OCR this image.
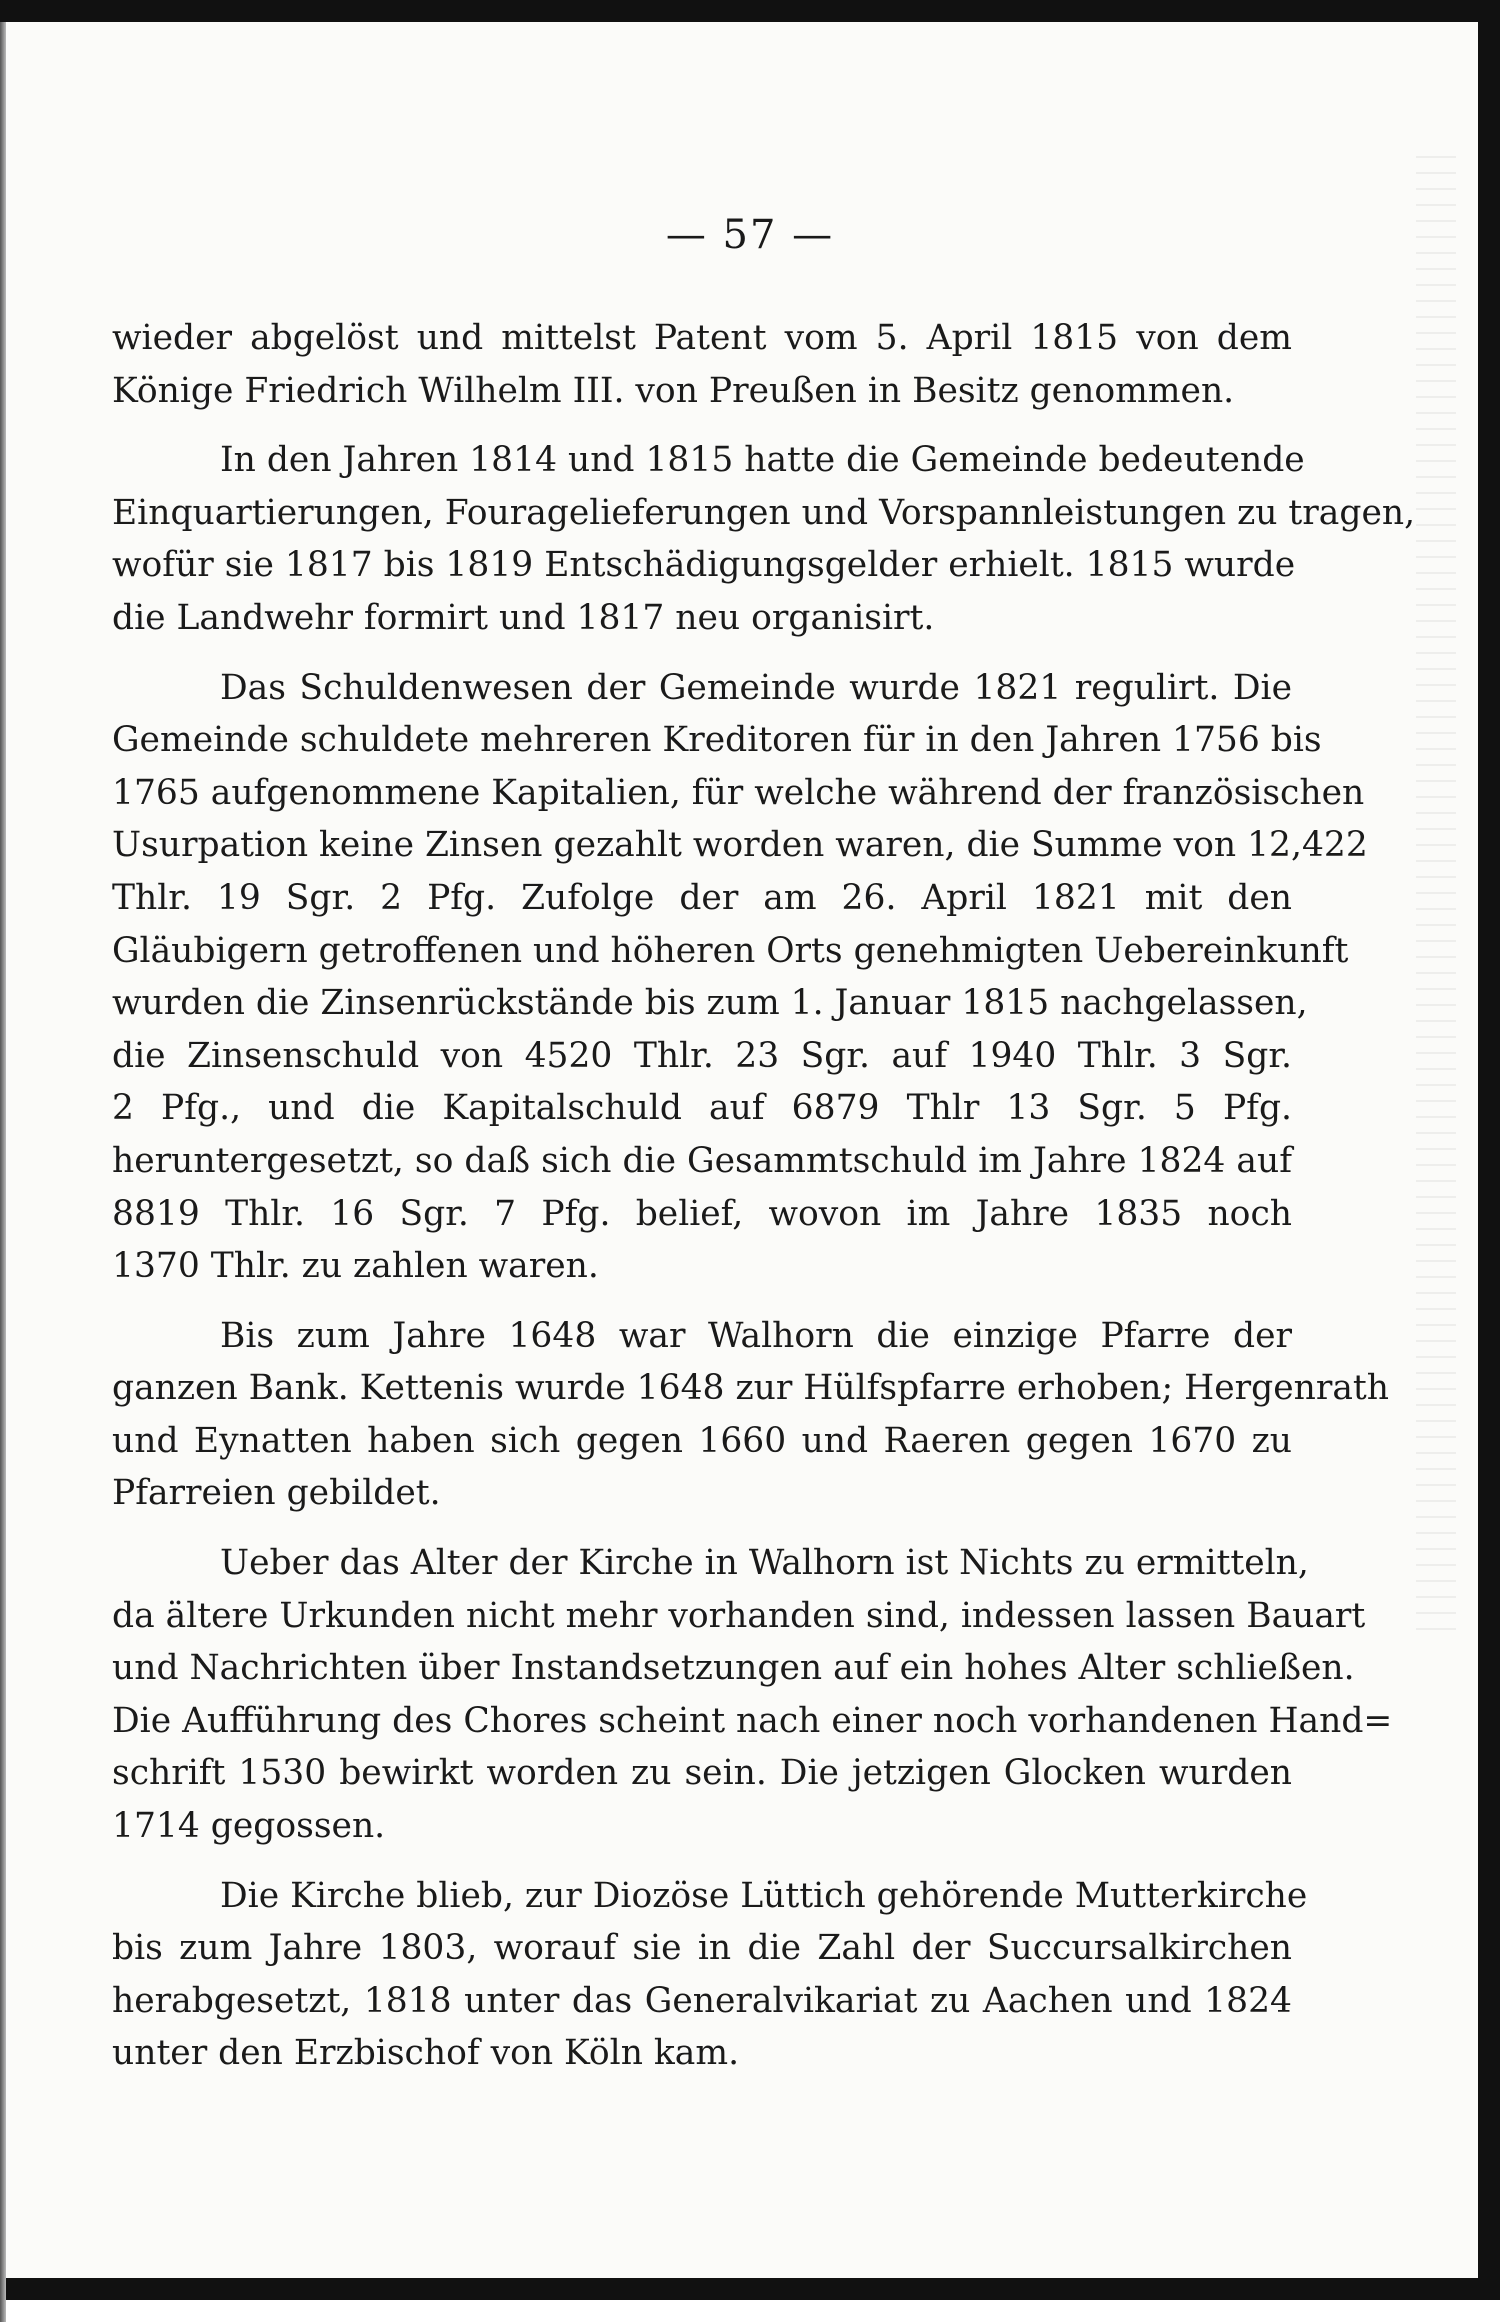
— 57 —
wieder abgelöst und mittelst Patent vom 5. April 1815 von dem
Könige Friedrich Wilhelm III. von Preußen in Besitz genommen.
In den Jahren 1814 und 1815 hatte die Gemeinde bedeutende
Einquartierungen, Fouragelieferungen und Vorspannleistungen zu tragen,
wofür sie 1817 bis 1819 Entschädigungsgelder erhielt. 1815 wurde
die Landwehr formirt und 1817 neu organisirt.
Das Schuldenwesen der Gemeinde wurde 1821 regulirt. Die
Gemeinde schuldete mehreren Kreditoren für in den Jahren 1756 bis
1765 aufgenommene Kapitalien, für welche während der französischen
Usurpation keine Zinsen gezahlt worden waren, die Summe von 12,422
Thlr. 19 Sgr. 2 Pfg. Zufolge der am 26. April 1821 mit den
Gläubigern getroffenen und höheren Orts genehmigten Uebereinkunft
wurden die Zinsenrückstände bis zum 1. Januar 1815 nachgelassen,
die Zinsenschuld von 4520 Thlr. 23 Sgr. auf 1940 Thlr. 3 Sgr.
2 Pfg., und die Kapitalschuld auf 6879 Thlr 13 Sgr. 5 Pfg.
heruntergesetzt, so daß sich die Gesammtschuld im Jahre 1824 auf
8819 Thlr. 16 Sgr. 7 Pfg. belief, wovon im Jahre 1835 noch
1370 Thlr. zu zahlen waren.
Bis zum Jahre 1648 war Walhorn die einzige Pfarre der
ganzen Bank. Kettenis wurde 1648 zur Hülfspfarre erhoben; Hergenrath
und Eynatten haben sich gegen 1660 und Raeren gegen 1670 zu
Pfarreien gebildet.
Ueber das Alter der Kirche in Walhorn ist Nichts zu ermitteln,
da ältere Urkunden nicht mehr vorhanden sind, indessen lassen Bauart
und Nachrichten über Instandsetzungen auf ein hohes Alter schließen.
Die Aufführung des Chores scheint nach einer noch vorhandenen Hand=
schrift 1530 bewirkt worden zu sein. Die jetzigen Glocken wurden
1714 gegossen.
Die Kirche blieb, zur Diozöse Lüttich gehörende Mutterkirche
bis zum Jahre 1803, worauf sie in die Zahl der Succursalkirchen
herabgesetzt, 1818 unter das Generalvikariat zu Aachen und 1824
unter den Erzbischof von Köln kam.
